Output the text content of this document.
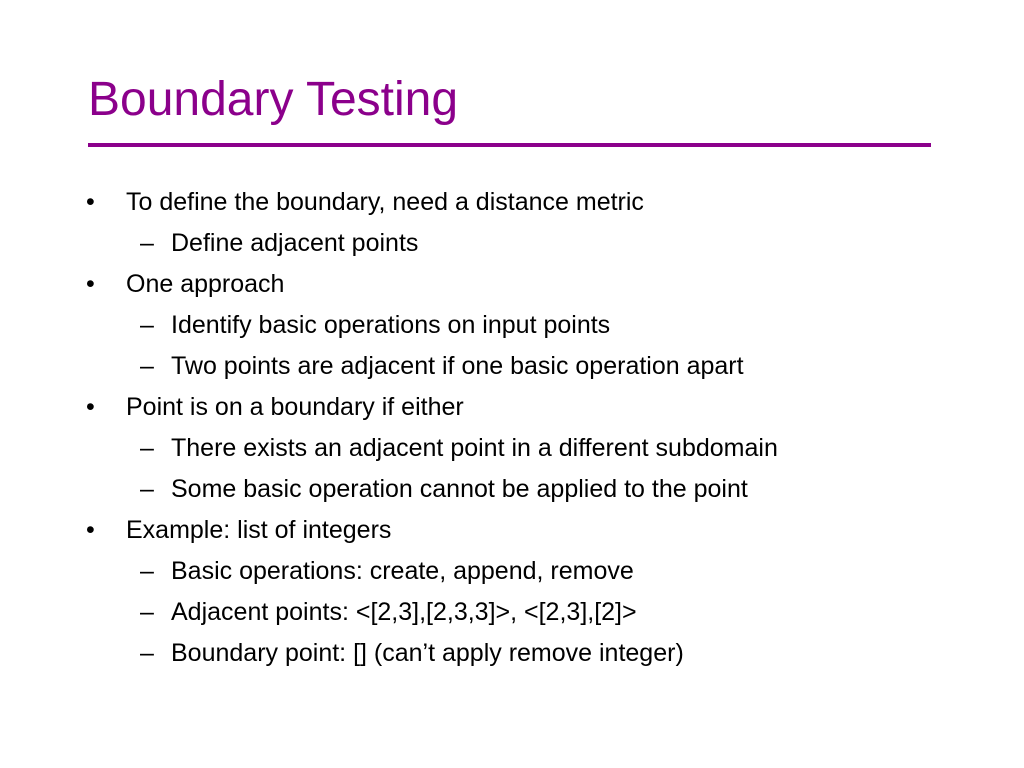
Boundary Testing
• To define the boundary, need a distance metric
– Define adjacent points
• One approach
– Identify basic operations on input points
– Two points are adjacent if one basic operation apart
• Point is on a boundary if either
– There exists an adjacent point in a different subdomain
– Some basic operation cannot be applied to the point
• Example: list of integers
– Basic operations: create, append, remove
– Adjacent points: <[2,3],[2,3,3]>, <[2,3],[2]>
– Boundary point: [] (can’t apply remove integer)
